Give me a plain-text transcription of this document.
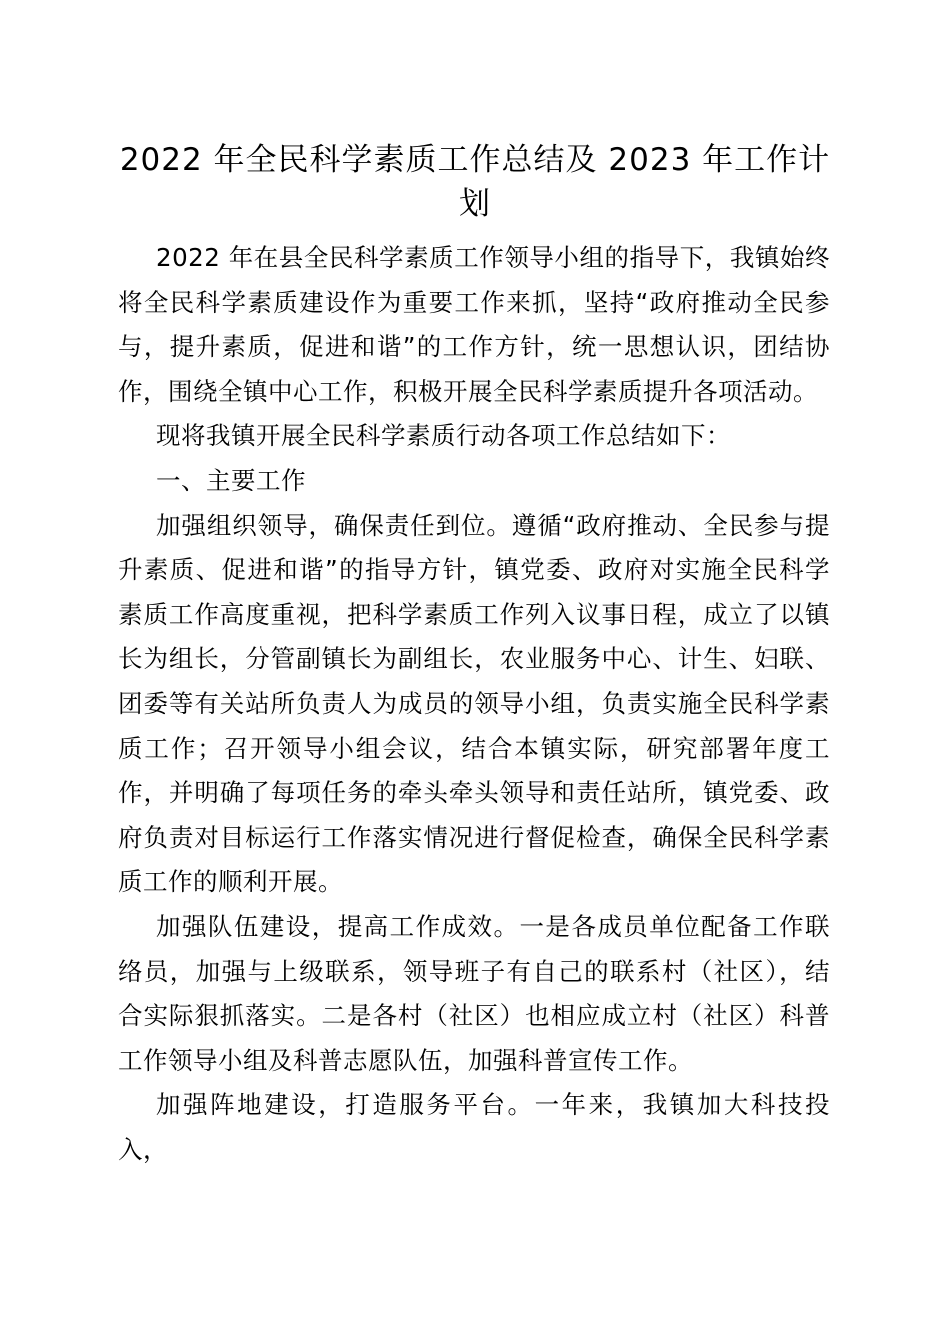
2022 年全民科学素质工作总结及 2023 年工作计划

2022 年在县全民科学素质工作领导小组的指导下，我镇始终将全民科学素质建设作为重要工作来抓，坚持“政府推动全民参与，提升素质，促进和谐”的工作方针，统一思想认识，团结协作，围绕全镇中心工作，积极开展全民科学素质提升各项活动。

现将我镇开展全民科学素质行动各项工作总结如下：

一、主要工作

加强组织领导，确保责任到位。遵循“政府推动、全民参与提升素质、促进和谐”的指导方针，镇党委、政府对实施全民科学素质工作高度重视，把科学素质工作列入议事日程，成立了以镇长为组长，分管副镇长为副组长，农业服务中心、计生、妇联、团委等有关站所负责人为成员的领导小组，负责实施全民科学素质工作；召开领导小组会议，结合本镇实际，研究部署年度工作，并明确了每项任务的牵头牵头领导和责任站所，镇党委、政府负责对目标运行工作落实情况进行督促检查，确保全民科学素质工作的顺利开展。

加强队伍建设，提高工作成效。一是各成员单位配备工作联络员，加强与上级联系，领导班子有自己的联系村（社区），结合实际狠抓落实。二是各村（社区）也相应成立村（社区）科普工作领导小组及科普志愿队伍，加强科普宣传工作。

加强阵地建设，打造服务平台。一年来，我镇加大科技投入，
